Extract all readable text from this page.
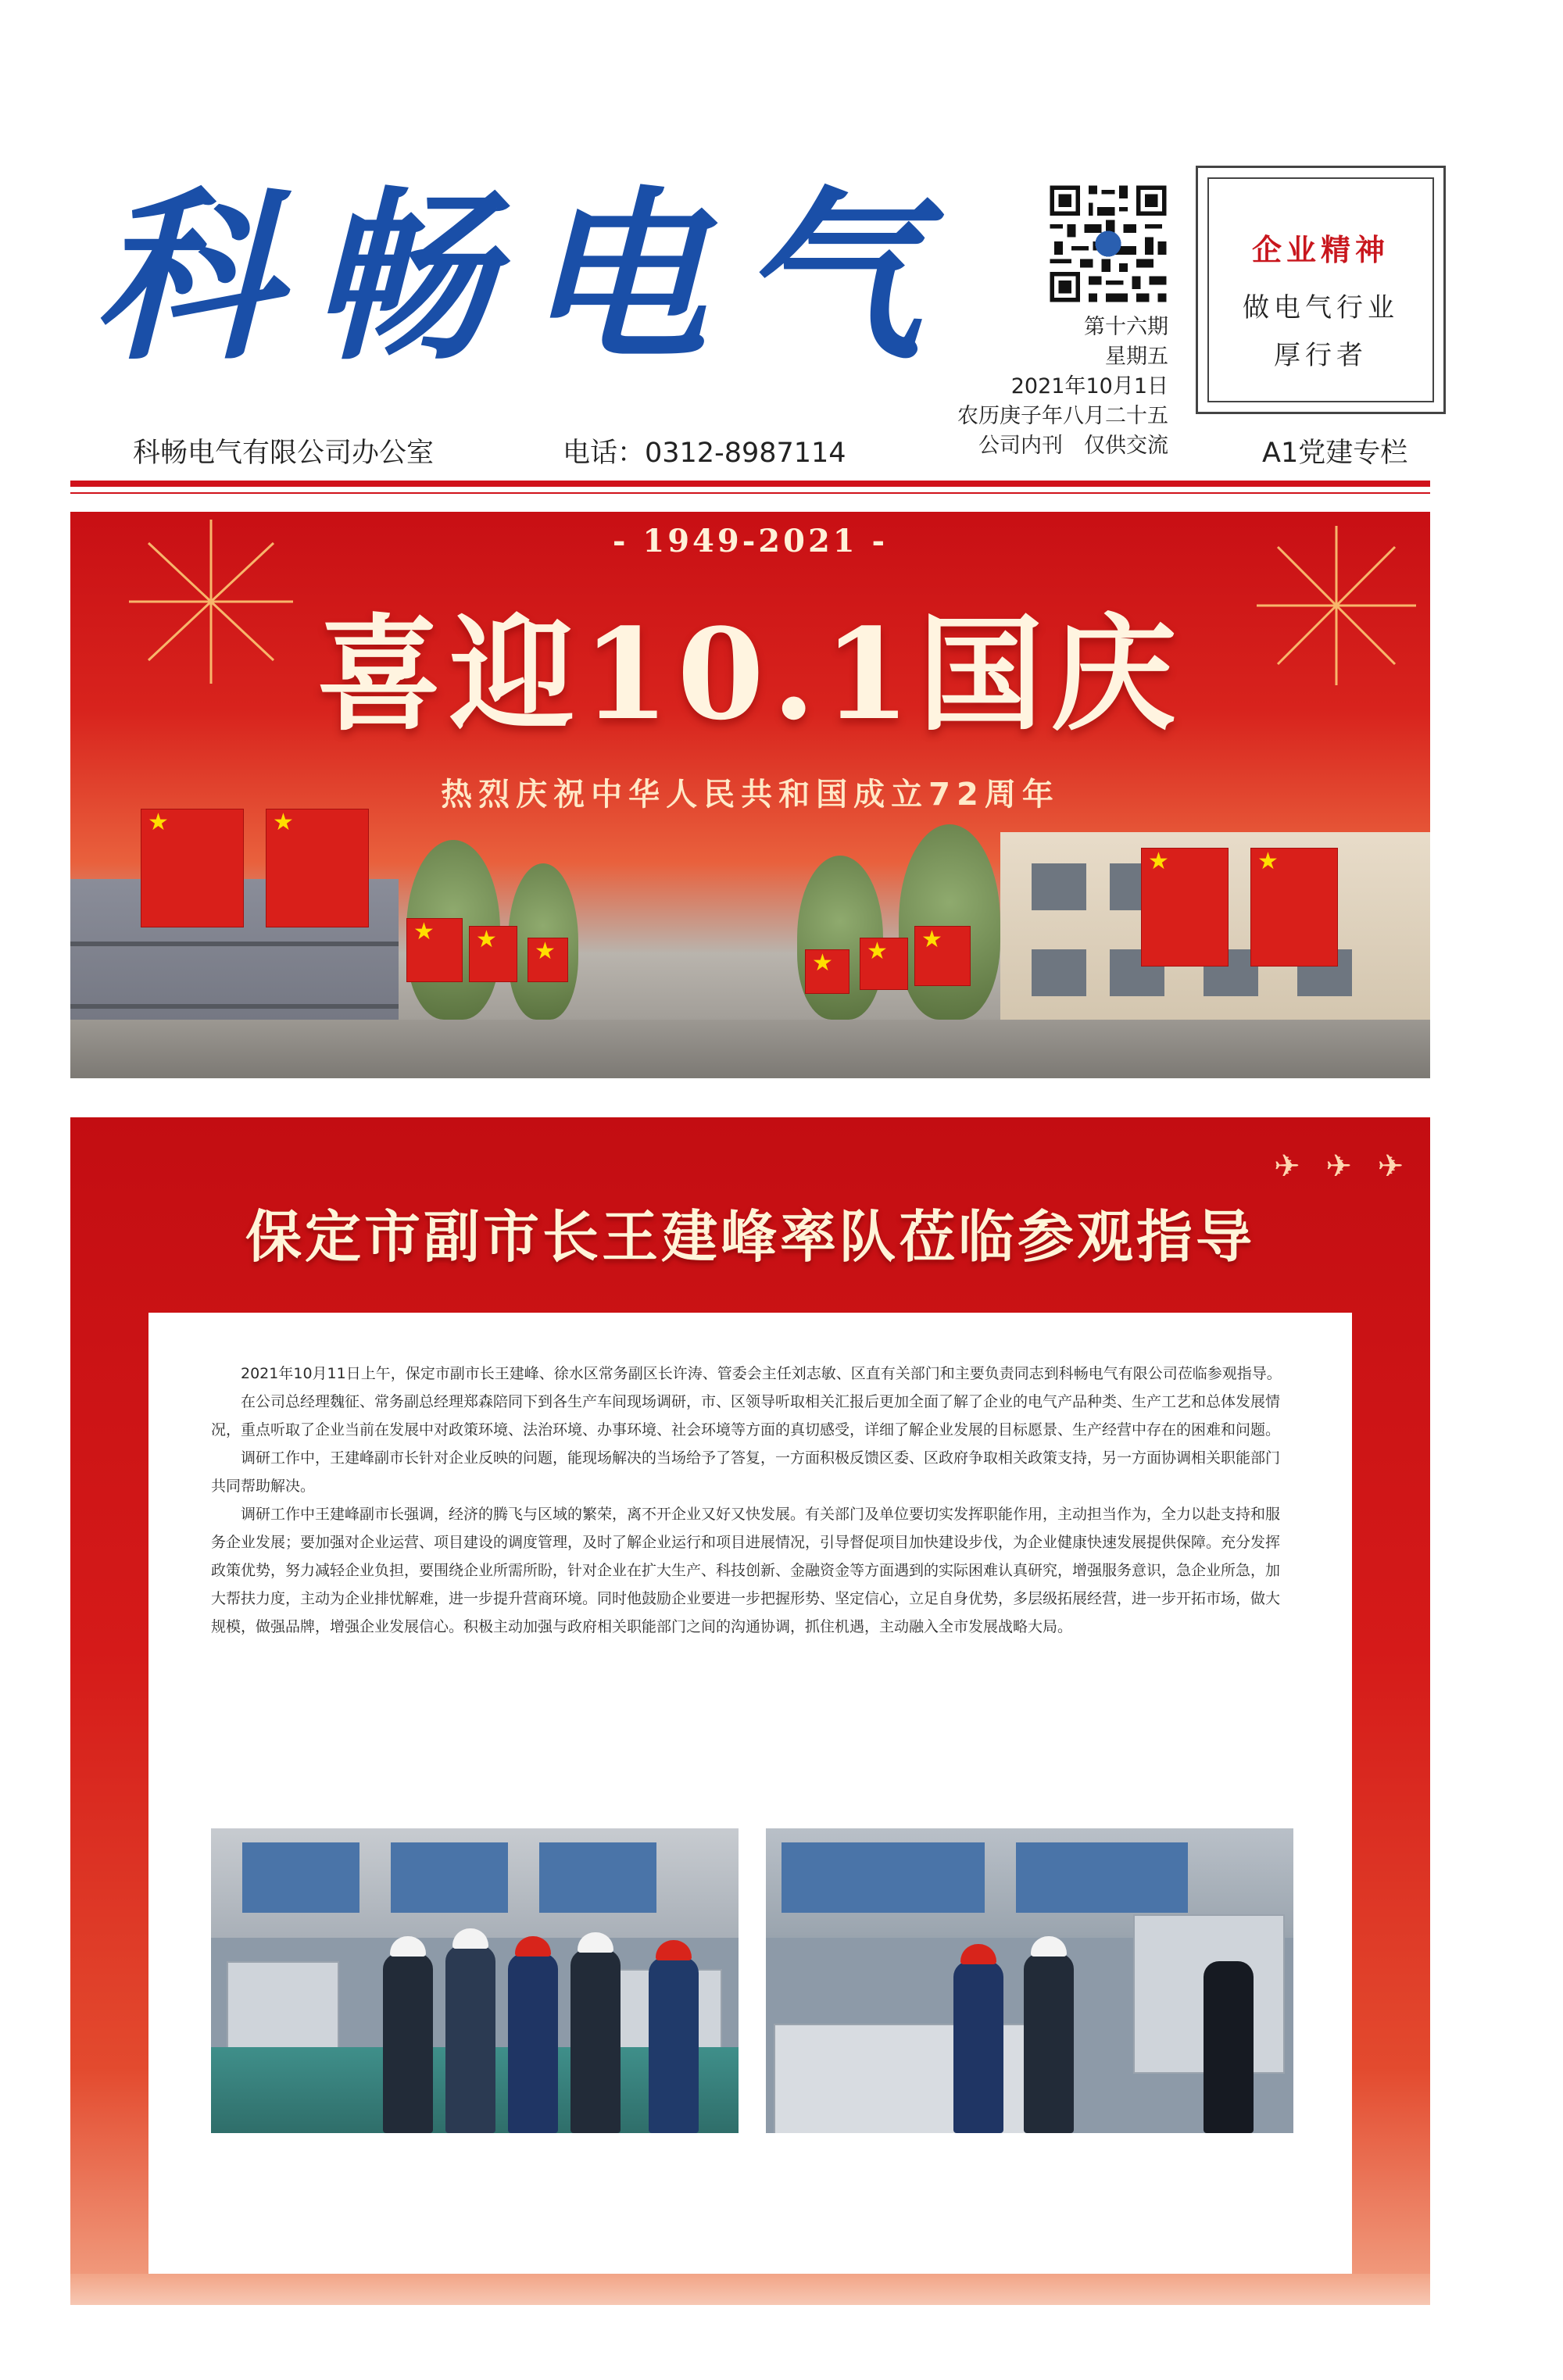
科畅电气	第十六期
星期五
2021年10月1日
农历庚子年八月二十五
公司内刊　仅供交流
企业精神
做电气行业
厚行者
科畅电气有限公司办公室	电话：0312-8987114	A1党建专栏
★
★
★
★
★
★
★
★
★
★
- 1949-2021 -
喜迎10.1国庆
热烈庆祝中华人民共和国成立72周年
✈︎ ✈︎ ✈︎
保定市副市长王建峰率队莅临参观指导

2021年10月11日上午，保定市副市长王建峰、徐水区常务副区长许涛、管委会主任刘志敏、区直有关部门和主要负责同志到科畅电气有限公司莅临参观指导。

在公司总经理魏征、常务副总经理郑森陪同下到各生产车间现场调研，市、区领导听取相关汇报后更加全面了解了企业的电气产品种类、生产工艺和总体发展情况，重点听取了企业当前在发展中对政策环境、法治环境、办事环境、社会环境等方面的真切感受，详细了解企业发展的目标愿景、生产经营中存在的困难和问题。

调研工作中，王建峰副市长针对企业反映的问题，能现场解决的当场给予了答复，一方面积极反馈区委、区政府争取相关政策支持，另一方面协调相关职能部门共同帮助解决。

调研工作中王建峰副市长强调，经济的腾飞与区域的繁荣，离不开企业又好又快发展。有关部门及单位要切实发挥职能作用，主动担当作为，全力以赴支持和服务企业发展；要加强对企业运营、项目建设的调度管理，及时了解企业运行和项目进展情况，引导督促项目加快建设步伐，为企业健康快速发展提供保障。充分发挥政策优势，努力减轻企业负担，要围绕企业所需所盼，针对企业在扩大生产、科技创新、金融资金等方面遇到的实际困难认真研究，增强服务意识，急企业所急，加大帮扶力度，主动为企业排忧解难，进一步提升营商环境。同时他鼓励企业要进一步把握形势、坚定信心，立足自身优势，多层级拓展经营，进一步开拓市场，做大规模，做强品牌，增强企业发展信心。积极主动加强与政府相关职能部门之间的沟通协调，抓住机遇，主动融入全市发展战略大局。
